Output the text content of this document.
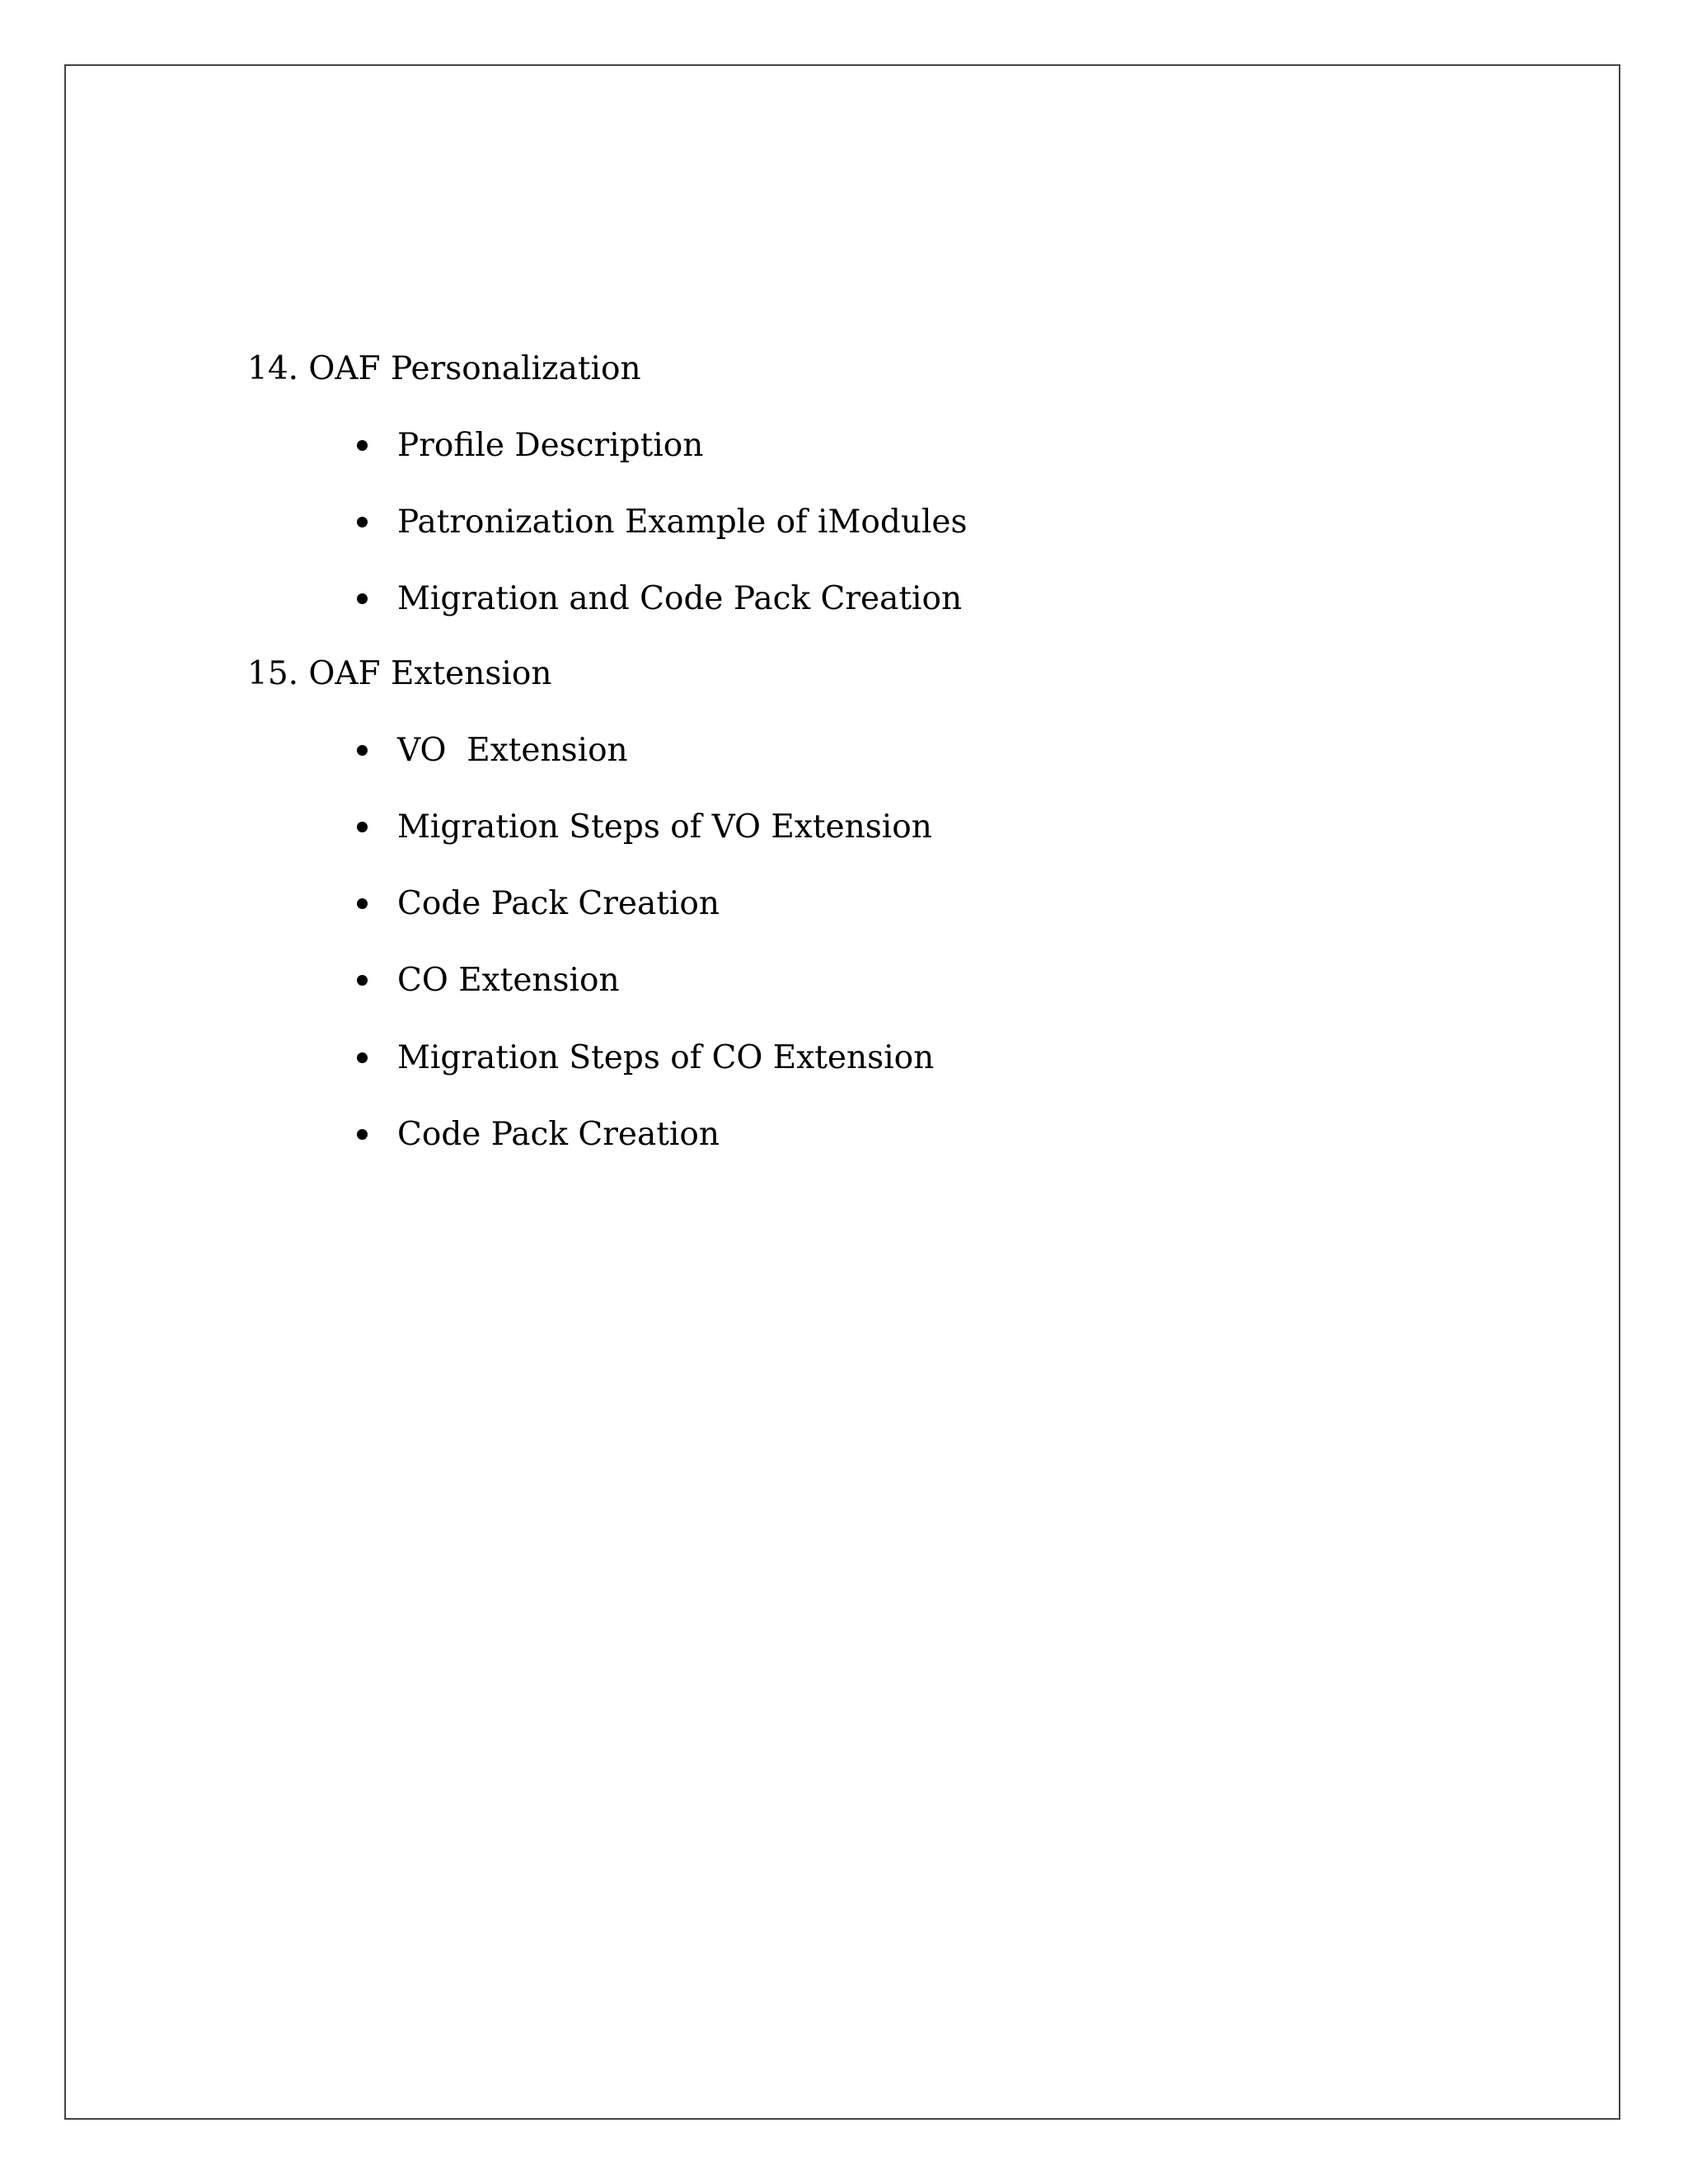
14. OAF Personalization
Profile Description
Patronization Example of iModules
Migration and Code Pack Creation
15. OAF Extension
VO  Extension
Migration Steps of VO Extension
Code Pack Creation
CO Extension
Migration Steps of CO Extension
Code Pack Creation
